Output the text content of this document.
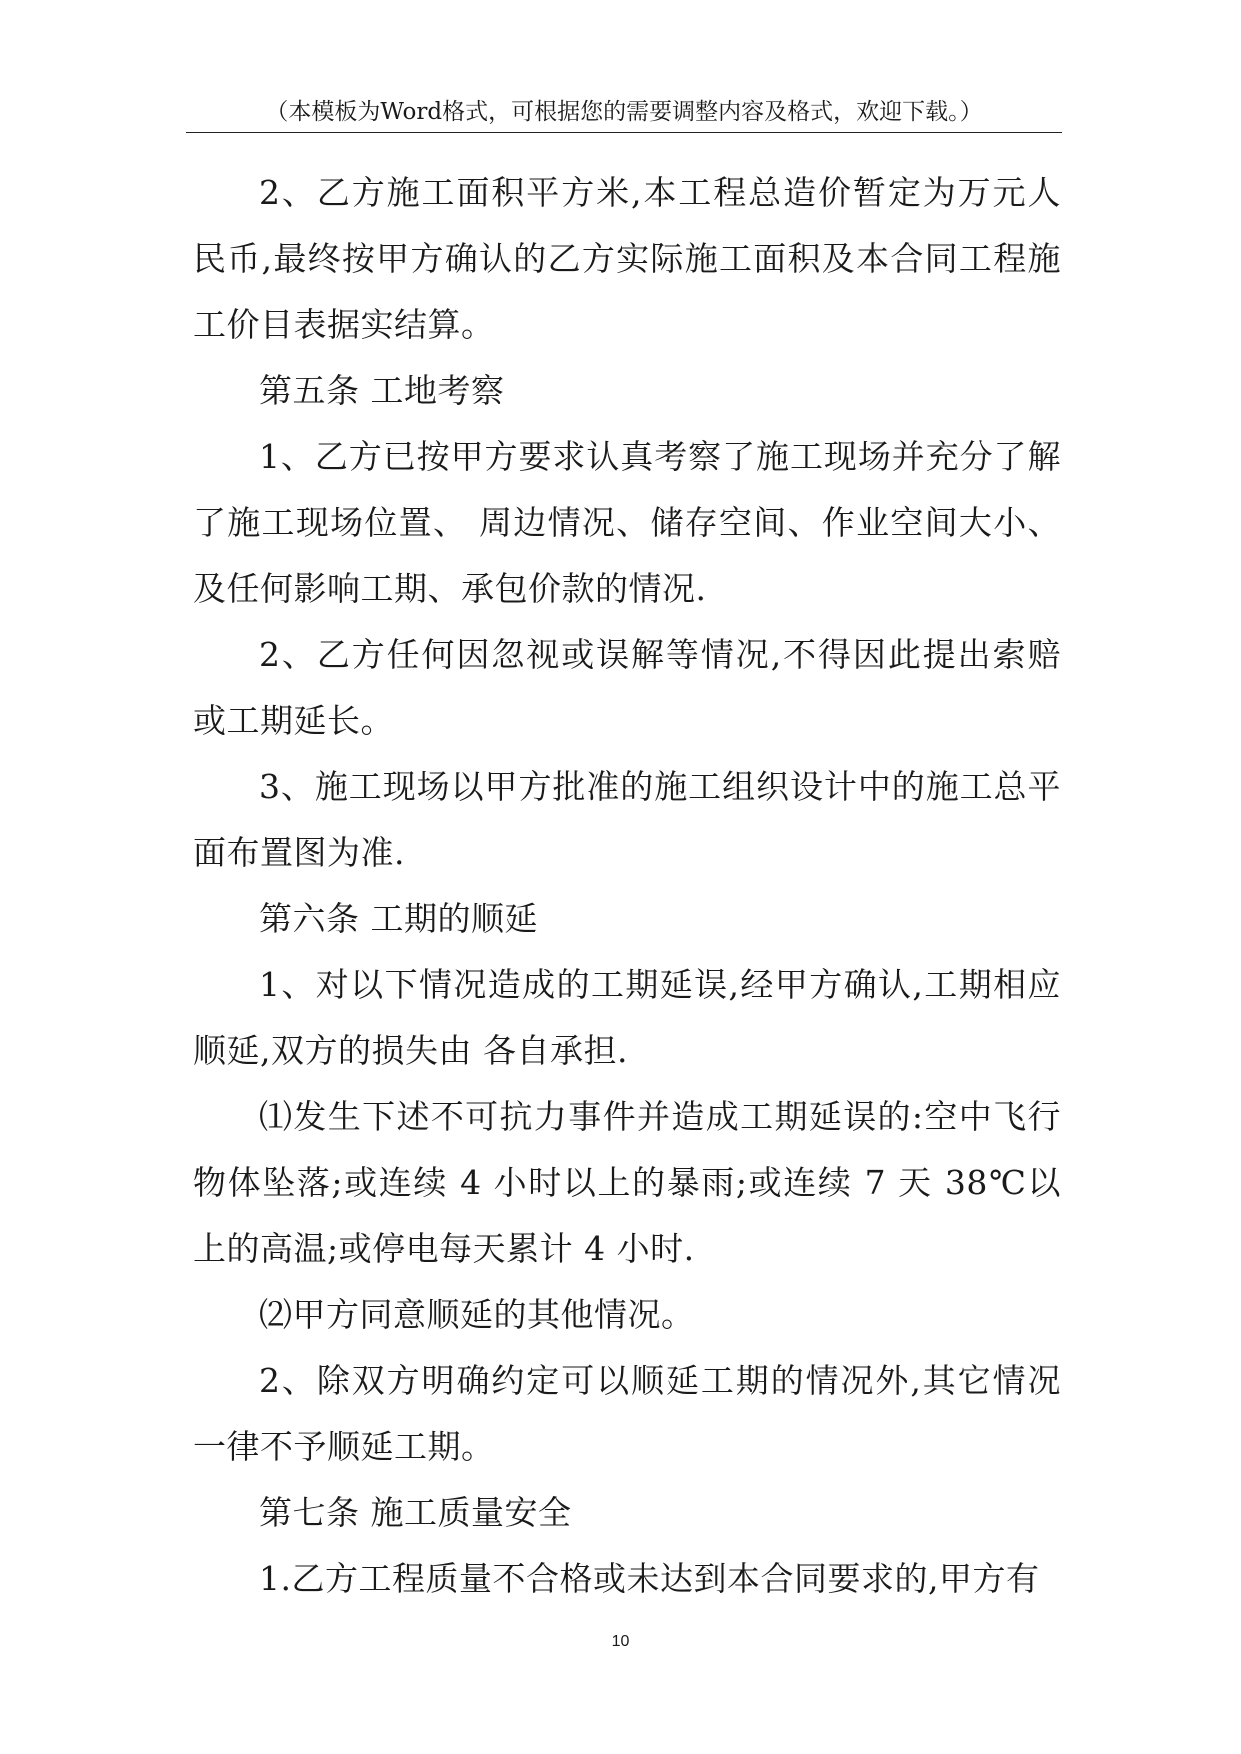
（本模板为Word格式，可根据您的需要调整内容及格式，欢迎下载。）

2、乙方施工面积平方米,本工程总造价暂定为万元人民币,最终按甲方确认的乙方实际施工面积及本合同工程施工价目表据实结算。

第五条 工地考察

1、乙方已按甲方要求认真考察了施工现场并充分了解了施工现场位置、 周边情况、储存空间、作业空间大小、及任何影响工期、承包价款的情况.

2、乙方任何因忽视或误解等情况,不得因此提出索赔或工期延长。

3、施工现场以甲方批准的施工组织设计中的施工总平面布置图为准.

第六条 工期的顺延

1、对以下情况造成的工期延误,经甲方确认,工期相应顺延,双方的损失由 各自承担.

⑴发生下述不可抗力事件并造成工期延误的:空中飞行物体坠落;或连续 4 小时以上的暴雨;或连续 7 天 38℃以上的高温;或停电每天累计 4 小时.

⑵甲方同意顺延的其他情况。

2、除双方明确约定可以顺延工期的情况外,其它情况一律不予顺延工期。

第七条 施工质量安全

1.乙方工程质量不合格或未达到本合同要求的,甲方有

10
